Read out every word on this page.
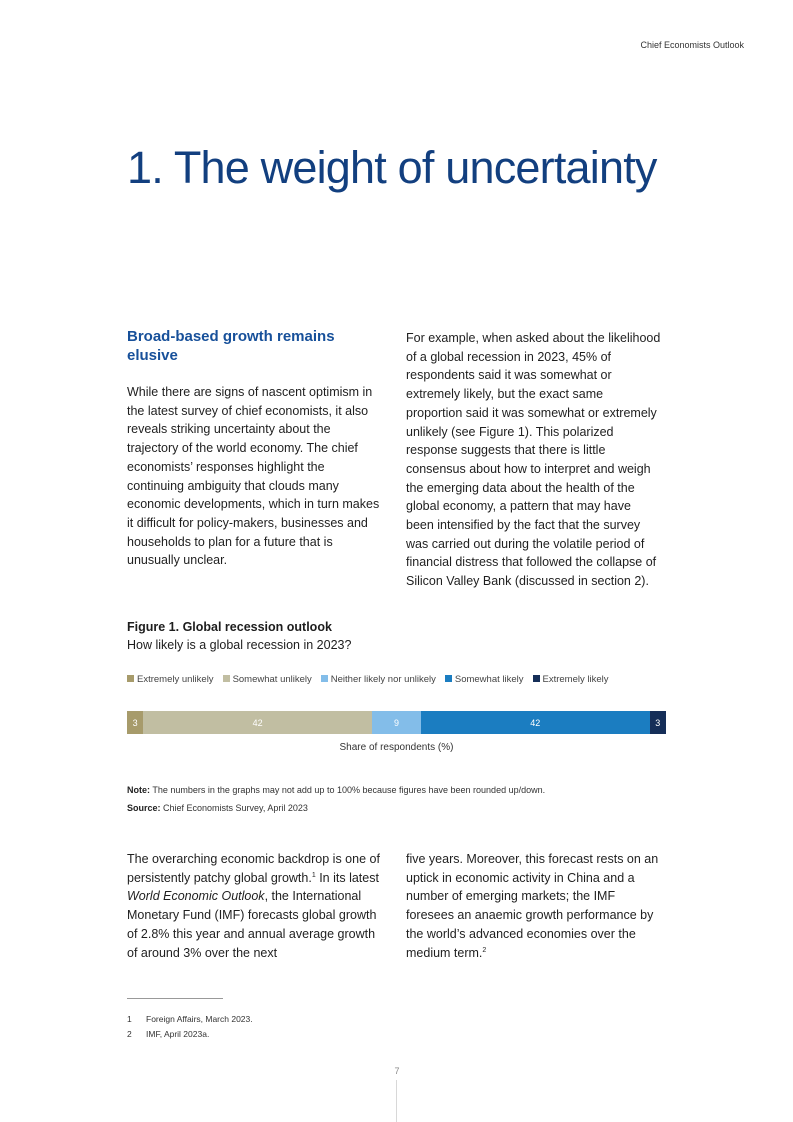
Chief Economists Outlook
1. The weight of uncertainty
Broad-based growth remains elusive

While there are signs of nascent optimism in the latest survey of chief economists, it also reveals striking uncertainty about the trajectory of the world economy. The chief economists’ responses highlight the continuing ambiguity that clouds many economic developments, which in turn makes it difficult for policy-makers, businesses and households to plan for a future that is unusually unclear.

For example, when asked about the likelihood of a global recession in 2023, 45% of respondents said it was somewhat or extremely likely, but the exact same proportion said it was somewhat or extremely unlikely (see Figure 1). This polarized response suggests that there is little consensus about how to interpret and weigh the emerging data about the health of the global economy, a pattern that may have been intensified by the fact that the survey was carried out during the volatile period of financial distress that followed the collapse of Silicon Valley Bank (discussed in section 2).

Figure 1. Global recession outlook
How likely is a global recession in 2023?
Extremely unlikely Somewhat unlikely Neither likely nor unlikely Somewhat likely Extremely likely
3	42	9	42	3
Share of respondents (%)
Note: The numbers in the graphs may not add up to 100% because figures have been rounded up/down.
Source: Chief Economists Survey, April 2023

The overarching economic backdrop is one of persistently patchy global growth.$^1$ In its latest World Economic Outlook, the International Monetary Fund (IMF) forecasts global growth of 2.8% this year and annual average growth of around 3% over the next

five years. Moreover, this forecast rests on an uptick in economic activity in China and a number of emerging markets; the IMF foresees an anaemic growth performance by the world’s advanced economies over the medium term.$^2$

1 Foreign Affairs, March 2023.
2 IMF, April 2023a.
7
